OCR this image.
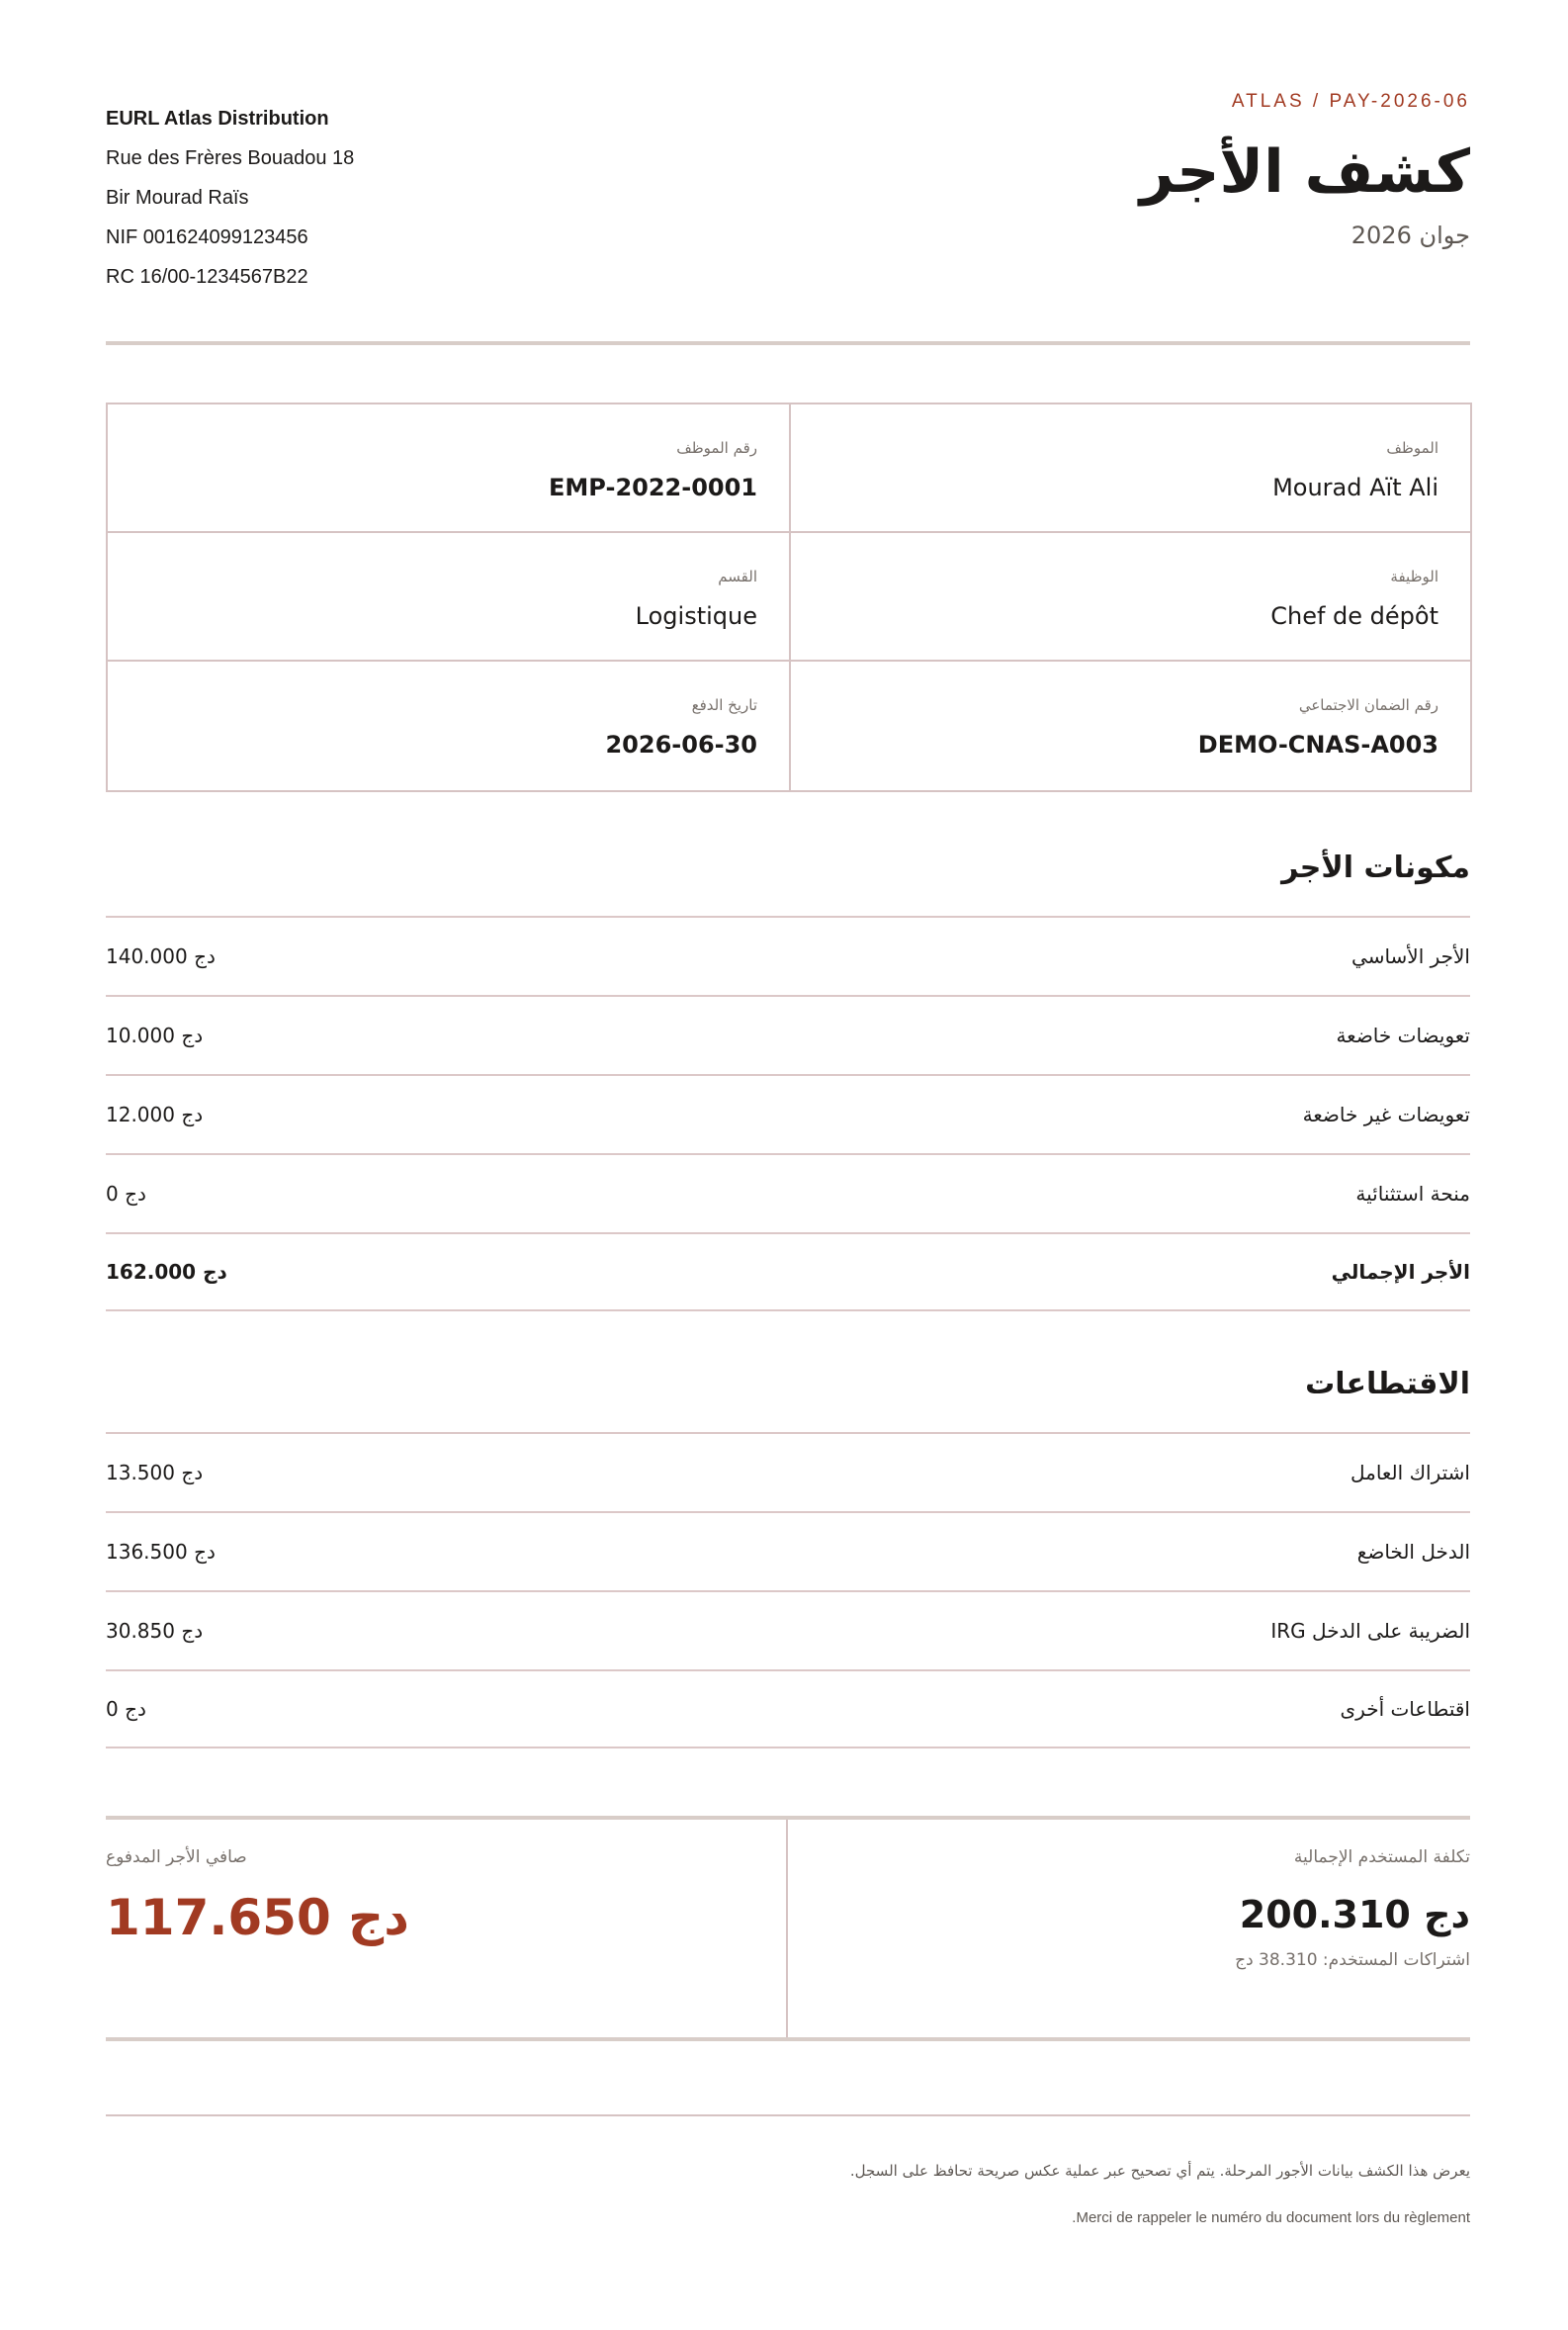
EURL Atlas Distribution
Rue des Frères Bouadou 18
Bir Mourad Raïs
NIF 001624099123456
RC 16/00-1234567B22
ATLAS / PAY-2026-06
كشف الأجر
جوان 2026
الموظف
Mourad Aït Ali
رقم الموظف
EMP-2022-0001
الوظيفة
Chef de dépôt
القسم
Logistique
رقم الضمان الاجتماعي
DEMO-CNAS-A003
تاريخ الدفع
2026-06-30
مكونات الأجر
الأجر الأساسي
140.000 دج
تعويضات خاضعة
10.000 دج
تعويضات غير خاضعة
12.000 دج
منحة استثنائية
0 دج
الأجر الإجمالي
162.000 دج
الاقتطاعات
اشتراك العامل
13.500 دج
الدخل الخاضع
136.500 دج
الضريبة على الدخل IRG
30.850 دج
اقتطاعات أخرى
0 دج
صافي الأجر المدفوع
117.650 دج
تكلفة المستخدم الإجمالية
200.310 دج
اشتراكات المستخدم: 38.310 دج
يعرض هذا الكشف بيانات الأجور المرحلة. يتم أي تصحيح عبر عملية عكس صريحة تحافظ على السجل.
.Merci de rappeler le numéro du document lors du règlement
